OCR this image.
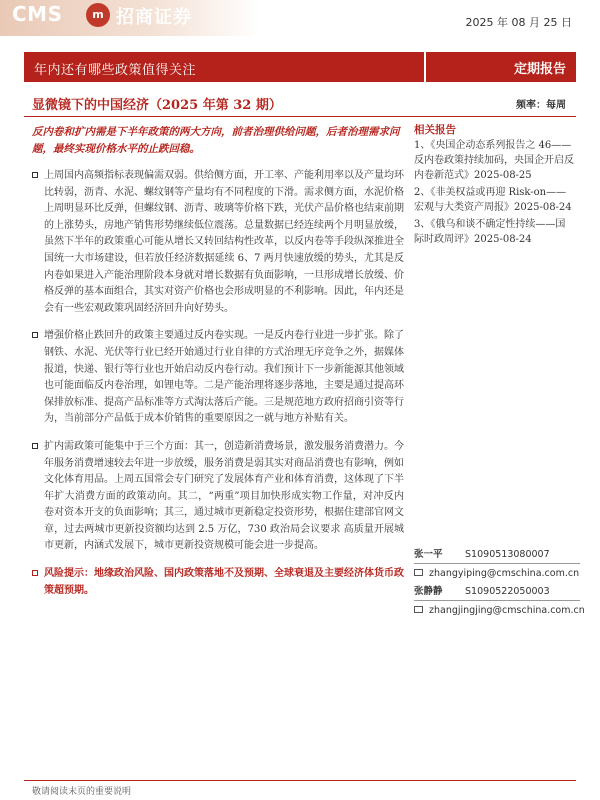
CMS	m 招商证券	2025 年 08 月 25 日
年内还有哪些政策值得关注	定期报告
显微镜下的中国经济（2025 年第 32 期）	频率：每周
反内卷和扩内需是下半年政策的两大方向，前者治理供给问题，后者治理需求问题，最终实现价格水平的止跌回稳。
上周国内高频指标表现偏需双弱。供给侧方面，开工率、产能利用率以及产量均环比转弱，沥青、水泥、螺纹钢等产量均有不同程度的下滑。需求侧方面，水泥价格上周明显环比反弹，但螺纹钢、沥青、玻璃等价格下跌，光伏产品价格也结束前期的上涨势头，房地产销售形势继续低位震荡。总量数据已经连续两个月明显放缓，虽然下半年的政策重心可能从增长又转回结构性改革，以反内卷等手段纵深推进全国统一大市场建设，但若放任经济数据延续 6、7 两月快速放缓的势头，尤其是反内卷如果进入产能治理阶段本身就对增长数据有负面影响，一旦形成增长放缓、价格反弹的基本面组合，其实对资产价格也会形成明显的不利影响。因此，年内还是会有一些宏观政策巩固经济回升向好势头。
增强价格止跌回升的政策主要通过反内卷实现。一是反内卷行业进一步扩张。除了钢铁、水泥、光伏等行业已经开始通过行业自律的方式治理无序竞争之外，据媒体报道，快递、银行等行业也开始启动反内卷行动。我们预计下一步新能源其他领域也可能面临反内卷治理，如锂电等。二是产能治理将逐步落地，主要是通过提高环保排放标准、提高产品标准等方式淘汰落后产能。三是规范地方政府招商引资等行为，当前部分产品低于成本价销售的重要原因之一就与地方补贴有关。
扩内需政策可能集中于三个方面：其一，创造新消费场景，激发服务消费潜力。今年服务消费增速较去年进一步放缓，服务消费是弱其实对商品消费也有影响，例如文化体育用品。上周五国常会专门研究了发展体育产业和体育消费，这体现了下半年扩大消费方面的政策动向。其二，“两重”项目加快形成实物工作量，对冲反内卷对资本开支的负面影响；其三，通过城市更新稳定投资形势，根据住建部官网文章，过去两城市更新投资额均达到 2.5 万亿，730 政治局会议要求 高质量开展城市更新，内涵式发展下，城市更新投资规模可能会进一步提高。
风险提示：地缘政治风险、国内政策落地不及预期、全球衰退及主要经济体货币政策超预期。
相关报告
1、《央国企动态系列报告之 46——反内卷政策持续加码，央国企开启反内卷新范式》2025-08-25
2、《非美权益或再迎 Risk-on——宏观与大类资产周报》2025-08-24
3、《俄乌和谈不确定性持续——国际时政周评》2025-08-24
张一平 S1090513080007
zhangyiping@cmschina.com.cn
张静静 S1090522050003
zhangjingjing@cmschina.com.cn
敬请阅读末页的重要说明
